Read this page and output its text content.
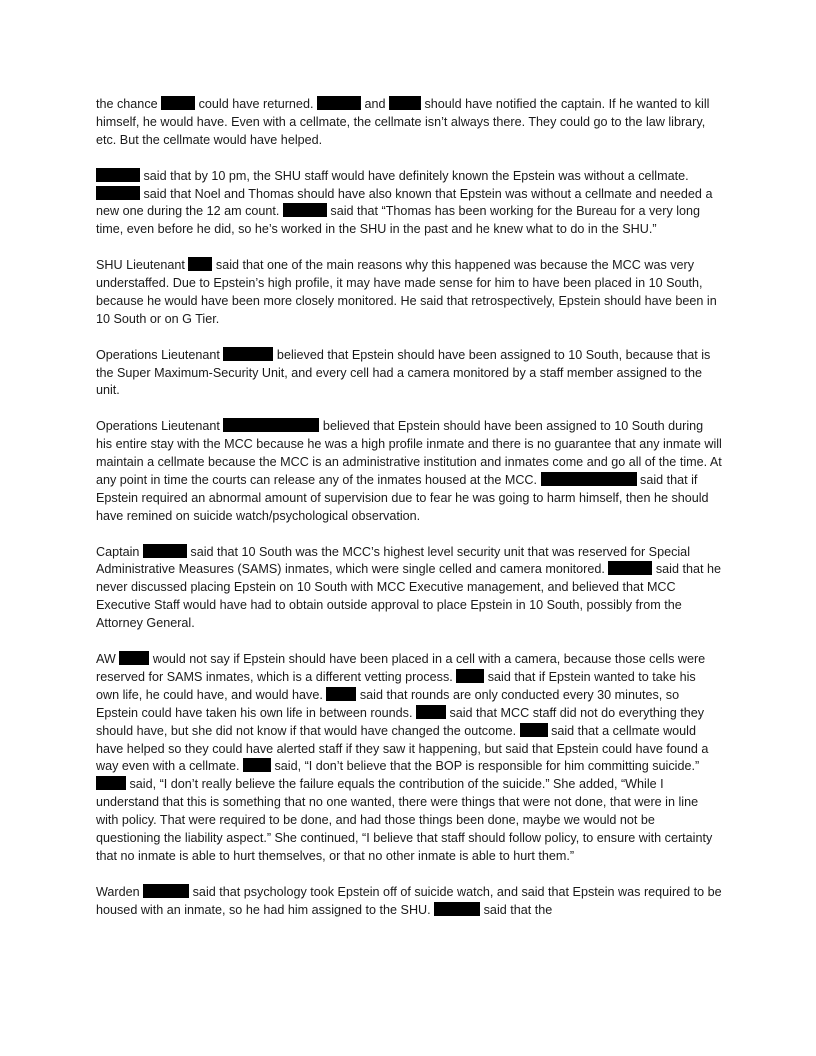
the chance	could have returned.	and	should have notified the captain. If he wanted to kill himself, he would have. Even with a cellmate, the cellmate isn’t always there. They could go to the law library, etc. But the cellmate would have helped.

said that by 10 pm, the SHU staff would have definitely known the Epstein was without a cellmate.  said that Noel and Thomas should have also known that Epstein was without a cellmate and needed a new one during the 12 am count.	said that “Thomas has been working for the Bureau for a very long time, even before he did, so he’s worked in the SHU in the past and he knew what to do in the SHU.”

SHU Lieutenant  said that one of the main reasons why this happened was because the MCC was very understaffed. Due to Epstein’s high profile, it may have made sense for him to have been placed in 10 South, because he would have been more closely monitored. He said that retrospectively, Epstein should have been in 10 South or on G Tier.

Operations Lieutenant	believed that Epstein should have been assigned to 10 South, because that is the Super Maximum-Security Unit, and every cell had a camera monitored by a staff member assigned to the unit.

Operations Lieutenant	believed that Epstein should have been assigned to 10 South during his entire stay with the MCC because he was a high profile inmate and there is no guarantee that any inmate will maintain a cellmate because the MCC is an administrative institution and inmates come and go all of the time. At any point in time the courts can release any of the inmates housed at the MCC.	said that if Epstein required an abnormal amount of supervision due to fear he was going to harm himself, then he should have remined on suicide watch/psychological observation.

Captain	said that 10 South was the MCC’s highest level security unit that was reserved for Special Administrative Measures (SAMS) inmates, which were single celled and camera monitored.	said that he never discussed placing Epstein on 10 South with MCC Executive management, and believed that MCC Executive Staff would have had to obtain outside approval to place Epstein in 10 South, possibly from the Attorney General.

AW  would not say if Epstein should have been placed in a cell with a camera, because those cells were reserved for SAMS inmates, which is a different vetting process.  said that if Epstein wanted to take his own life, he could have, and would have.  said that rounds are only conducted every 30 minutes, so Epstein could have taken his own life in between rounds.  said that MCC staff did not do everything they should have, but she did not know if that would have changed the outcome.  said that a cellmate would have helped so they could have alerted staff if they saw it happening, but said that Epstein could have found a way even with a cellmate.  said, “I don’t believe that the BOP is responsible for him committing suicide.”  said, “I don’t really believe the failure equals the contribution of the suicide.” She added, “While I understand that this is something that no one wanted, there were things that were not done, that were in line with policy. That were required to be done, and had those things been done, maybe we would not be questioning the liability aspect.” She continued, “I believe that staff should follow policy, to ensure with certainty that no inmate is able to hurt themselves, or that no other inmate is able to hurt them.”

Warden	said that psychology took Epstein off of suicide watch, and said that Epstein was required to be housed with an inmate, so he had him assigned to the SHU.	said that the
